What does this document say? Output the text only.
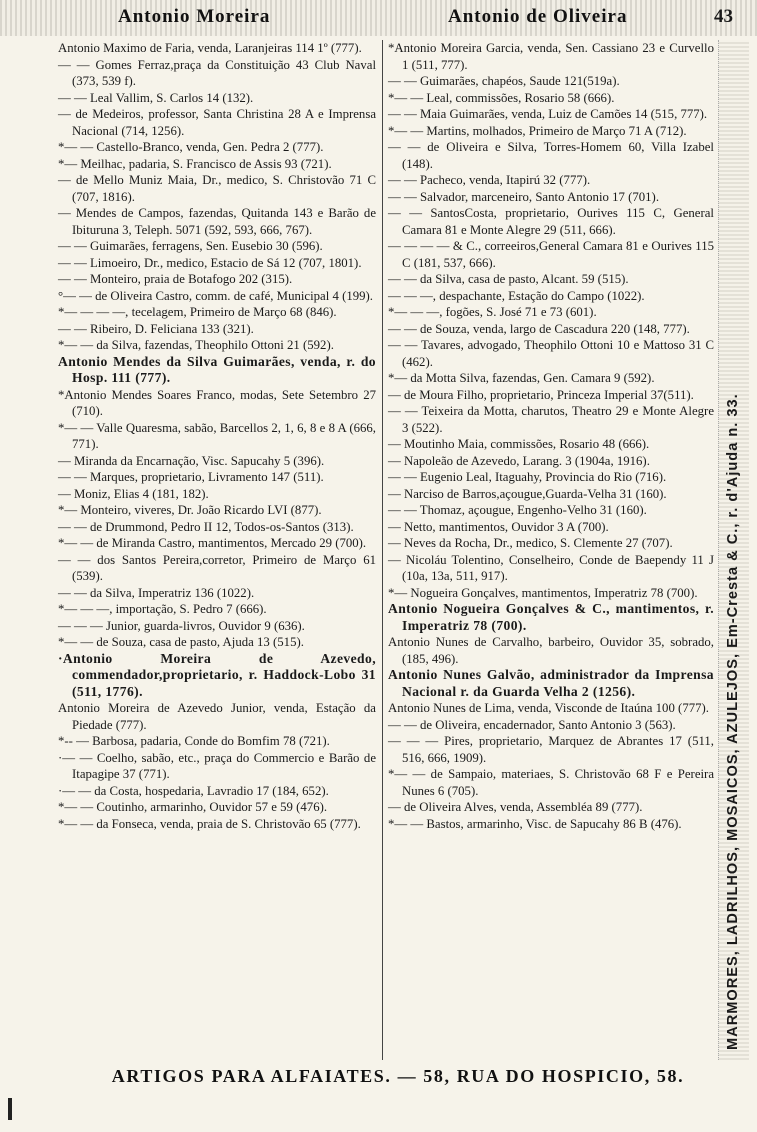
Antonio Moreira	Antonio de Oliveira	43

Antonio Maximo de Faria, venda, Laranjeiras 114 1º (777).

— — Gomes Ferraz,praça da Constituição 43 Club Naval (373, 539 f).

— — Leal Vallim, S. Carlos 14 (132).

— de Medeiros, professor, Santa Christina 28 A e Imprensa Nacional (714, 1256).

*— — Castello-Branco, venda, Gen. Pedra 2 (777).

*— Meilhac, padaria, S. Francisco de Assis 93 (721).

— de Mello Muniz Maia, Dr., medico, S. Christovão 71 C (707, 1816).

— Mendes de Campos, fazendas, Quitanda 143 e Barão de Ibituruna 3, Teleph. 5071 (592, 593, 666, 767).

— — Guimarães, ferragens, Sen. Eusebio 30 (596).

— — Limoeiro, Dr., medico, Estacio de Sá 12 (707, 1801).

— — Monteiro, praia de Botafogo 202 (315).

°— — de Oliveira Castro, comm. de café, Municipal 4 (199).

*— — — —, tecelagem, Primeiro de Março 68 (846).

— — Ribeiro, D. Feliciana 133 (321).

*— — da Silva, fazendas, Theophilo Ottoni 21 (592).

Antonio Mendes da Silva Guimarães, venda, r. do Hosp. 111 (777).

*Antonio Mendes Soares Franco, modas, Sete Setembro 27 (710).

*— — Valle Quaresma, sabão, Barcellos 2, 1, 6, 8 e 8 A (666, 771).

— Miranda da Encarnação, Visc. Sapucahy 5 (396).

— — Marques, proprietario, Livramento 147 (511).

— Moniz, Elias 4 (181, 182).

*— Monteiro, viveres, Dr. João Ricardo LVI (877).

— — de Drummond, Pedro II 12, Todos-os-Santos (313).

*— — de Miranda Castro, mantimentos, Mercado 29 (700).

— — dos Santos Pereira,corretor, Primeiro de Março 61 (539).

— — da Silva, Imperatriz 136 (1022).

*— — —, importação, S. Pedro 7 (666).

— — — Junior, guarda-livros, Ouvidor 9 (636).

*— — de Souza, casa de pasto, Ajuda 13 (515).

·Antonio Moreira de Azevedo, commendador,proprietario, r. Haddock-Lobo 31 (511, 1776).

Antonio Moreira de Azevedo Junior, venda, Estação da Piedade (777).

*-- — Barbosa, padaria, Conde do Bomfim 78 (721).

·— — Coelho, sabão, etc., praça do Commercio e Barão de Itapagipe 37 (771).

·— — da Costa, hospedaria, Lavradio 17 (184, 652).

*— — Coutinho, armarinho, Ouvidor 57 e 59 (476).

*— — da Fonseca, venda, praia de S. Christovão 65 (777).

*Antonio Moreira Garcia, venda, Sen. Cassiano 23 e Curvello 1 (511, 777).

— — Guimarães, chapéos, Saude 121(519a).

*— — Leal, commissões, Rosario 58 (666).

— — Maia Guimarães, venda, Luiz de Camões 14 (515, 777).

*— — Martins, molhados, Primeiro de Março 71 A (712).

— — de Oliveira e Silva, Torres-Homem 60, Villa Izabel (148).

— — Pacheco, venda, Itapirú 32 (777).

— — Salvador, marceneiro, Santo Antonio 17 (701).

— — SantosCosta, proprietario, Ourives 115 C, General Camara 81 e Monte Alegre 29 (511, 666).

— — — — & C., correeiros,General Camara 81 e Ourives 115 C (181, 537, 666).

— — da Silva, casa de pasto, Alcant. 59 (515).

— — —, despachante, Estação do Campo (1022).

*— — —, fogões, S. José 71 e 73 (601).

— — de Souza, venda, largo de Cascadura 220 (148, 777).

— — Tavares, advogado, Theophilo Ottoni 10 e Mattoso 31 C (462).

*— da Motta Silva, fazendas, Gen. Camara 9 (592).

— de Moura Filho, proprietario, Princeza Imperial 37(511).

— — Teixeira da Motta, charutos, Theatro 29 e Monte Alegre 3 (522).

— Moutinho Maia, commissões, Rosario 48 (666).

— Napoleão de Azevedo, Larang. 3 (1904a, 1916).

— — Eugenio Leal, Itaguahy, Provincia do Rio (716).

— Narciso de Barros,açougue,Guarda-Velha 31 (160).

— — Thomaz, açougue, Engenho-Velho 31 (160).

— Netto, mantimentos, Ouvidor 3 A (700).

— Neves da Rocha, Dr., medico, S. Clemente 27 (707).

— Nicoláu Tolentino, Conselheiro, Conde de Baependy 11 J (10a, 13a, 511, 917).

*— Nogueira Gonçalves, mantimentos, Imperatriz 78 (700).

Antonio Nogueira Gonçalves & C., mantimentos, r. Imperatriz 78 (700).

Antonio Nunes de Carvalho, barbeiro, Ouvidor 35, sobrado, (185, 496).

Antonio Nunes Galvão, administrador da Imprensa Nacional r. da Guarda Velha 2 (1256).

Antonio Nunes de Lima, venda, Visconde de Itaúna 100 (777).

— — de Oliveira, encadernador, Santo Antonio 3 (563).

— — — Pires, proprietario, Marquez de Abrantes 17 (511, 516, 666, 1909).

*— — de Sampaio, materiaes, S. Christovão 68 F e Pereira Nunes 6 (705).

— de Oliveira Alves, venda, Assembléa 89 (777).

*— — Bastos, armarinho, Visc. de Sapucahy 86 B (476).	MARMORES, LADRILHOS, MOSAICOS, AZULEJOS, Em-Cresta & C., r. d'Ajuda n. 33.
ARTIGOS PARA ALFAIATES. — 58, RUA DO HOSPICIO, 58.
